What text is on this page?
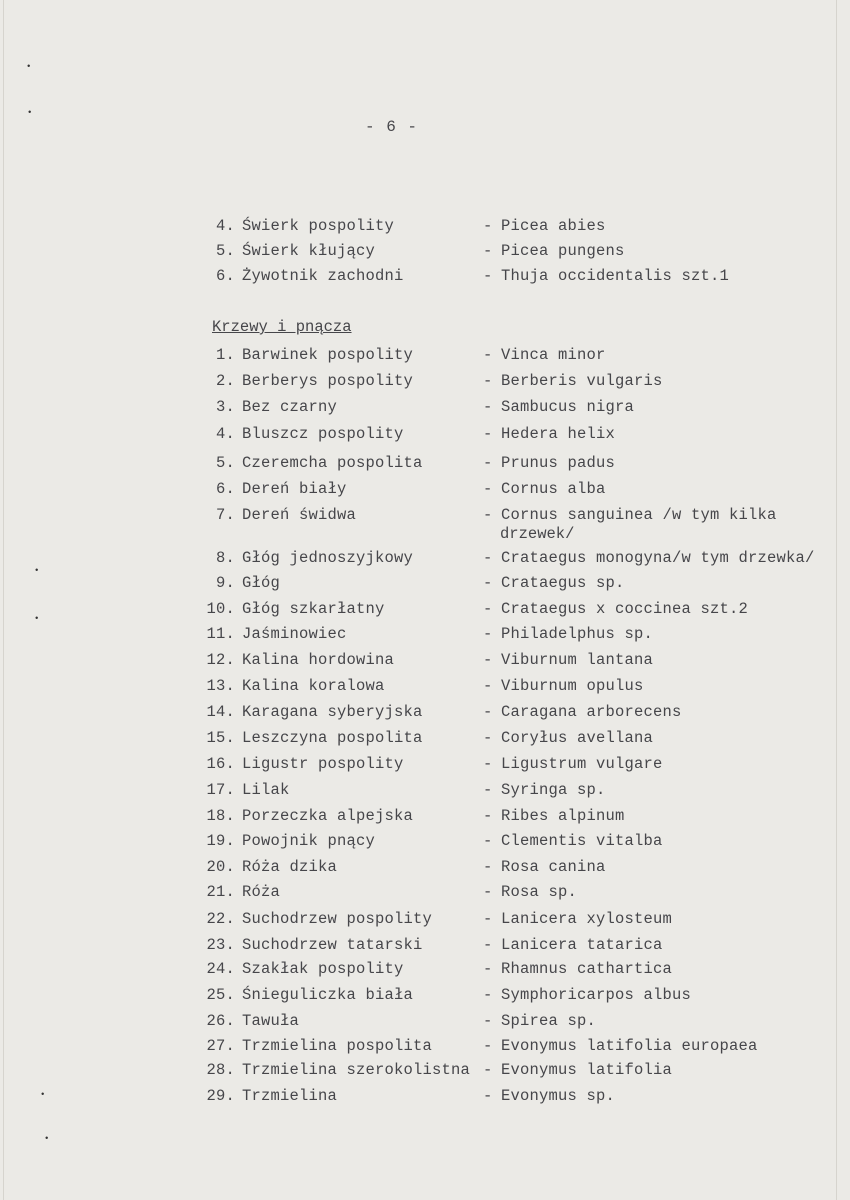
•
•
•
•
•
•
- 6 -
4. Świerk pospolity	- Picea abies
5. Świerk kłujący	- Picea pungens
6. Żywotnik zachodni	- Thuja occidentalis szt.1
Krzewy i pnącza
1. Barwinek pospolity	- Vinca minor
2. Berberys pospolity	- Berberis vulgaris
3. Bez czarny	- Sambucus nigra
4. Bluszcz pospolity	- Hedera helix
5. Czeremcha pospolita	- Prunus padus
6. Dereń biały	- Cornus alba
7. Dereń świdwa	- Cornus sanguinea /w tym kilka
drzewek/
8. Głóg jednoszyjkowy	- Crataegus monogyna/w tym drzewka/
9. Głóg	- Crataegus sp.
10. Głóg szkarłatny	- Crataegus x coccinea szt.2
11. Jaśminowiec	- Philadelphus sp.
12. Kalina hordowina	- Viburnum lantana
13. Kalina koralowa	- Viburnum opulus
14. Karagana syberyjska	- Caragana arborecens
15. Leszczyna pospolita	- Coryłus avellana
16. Ligustr pospolity	- Ligustrum vulgare
17. Lilak	- Syringa sp.
18. Porzeczka alpejska	- Ribes alpinum
19. Powojnik pnący	- Clementis vitalba
20. Róża dzika	- Rosa canina
21. Róża	- Rosa sp.
22. Suchodrzew pospolity	- Lanicera xylosteum
23. Suchodrzew tatarski	- Lanicera tatarica
24. Szakłak pospolity	- Rhamnus cathartica
25. Śnieguliczka biała	- Symphoricarpos albus
26. Tawuła	- Spirea sp.
27. Trzmielina pospolita	- Evonymus latifolia europaea
28. Trzmielina szerokolistna - Evonymus latifolia
29. Trzmielina	- Evonymus sp.
